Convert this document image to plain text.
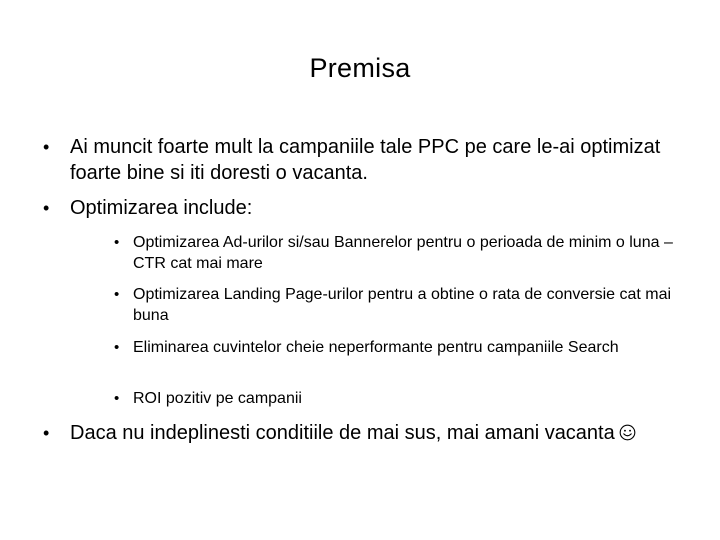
Premisa
• Ai muncit foarte mult la campaniile tale PPC pe care le-ai optimizat foarte bine si iti doresti o vacanta.
• Optimizarea include:
• Optimizarea Ad-urilor si/sau Bannerelor pentru o perioada de minim o luna – CTR cat mai mare
• Optimizarea Landing Page-urilor pentru a obtine o rata de conversie cat mai buna
• Eliminarea cuvintelor cheie neperformante pentru campaniile Search
• ROI pozitiv pe campanii
• Daca nu indeplinesti conditiile de mai sus, mai amani vacanta
